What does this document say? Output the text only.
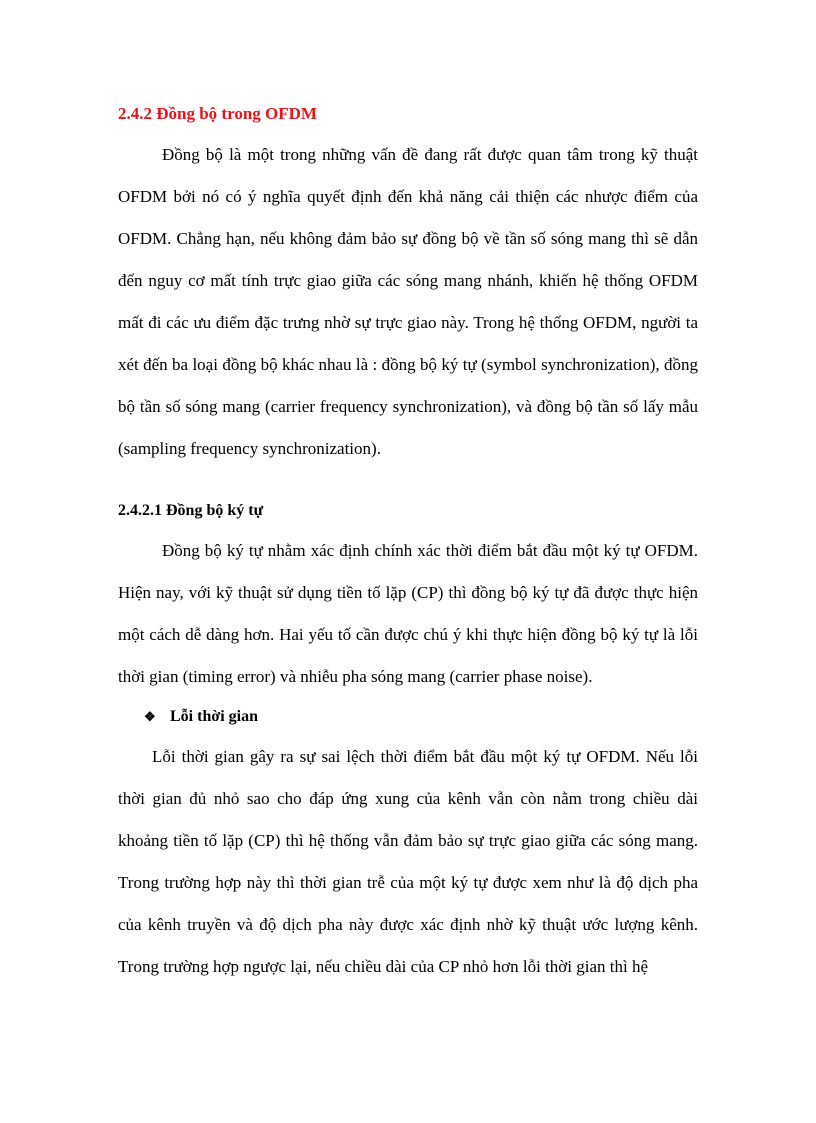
2.4.2 Đồng bộ trong OFDM

Đồng bộ là một trong những vấn đề đang rất được quan tâm trong kỹ thuật OFDM bởi nó có ý nghĩa quyết định đến khả năng cải thiện các nhược điểm của OFDM. Chẳng hạn, nếu không đảm bảo sự đồng bộ về tần số sóng mang thì sẽ dẫn đến nguy cơ mất tính trực giao giữa các sóng mang nhánh, khiến hệ thống OFDM mất đi các ưu điểm đặc trưng nhờ sự trực giao này. Trong hệ thống OFDM, người ta xét đến ba loại đồng bộ khác nhau là : đồng bộ ký tự (symbol synchronization), đồng bộ tần số sóng mang (carrier frequency synchronization), và đồng bộ tần số lấy mẫu (sampling frequency synchronization).

2.4.2.1 Đồng bộ ký tự

Đồng bộ ký tự nhằm xác định chính xác thời điểm bắt đầu một ký tự OFDM. Hiện nay, với kỹ thuật sử dụng tiền tố lặp (CP) thì đồng bộ ký tự đã được thực hiện một cách dễ dàng hơn. Hai yếu tố cần được chú ý khi thực hiện đồng bộ ký tự là lỗi thời gian (timing error) và nhiễu pha sóng mang (carrier phase noise).

❖ Lỗi thời gian

Lỗi thời gian gây ra sự sai lệch thời điểm bắt đầu một ký tự OFDM. Nếu lỗi thời gian đủ nhỏ sao cho đáp ứng xung của kênh vẫn còn nằm trong chiều dài khoảng tiền tố lặp (CP) thì hệ thống vẫn đảm bảo sự trực giao giữa các sóng mang. Trong trường hợp này thì thời gian trễ của một ký tự được xem như là độ dịch pha của kênh truyền và độ dịch pha này được xác định nhờ kỹ thuật ước lượng kênh. Trong trường hợp ngược lại, nếu chiều dài của CP nhỏ hơn lỗi thời gian thì hệ
